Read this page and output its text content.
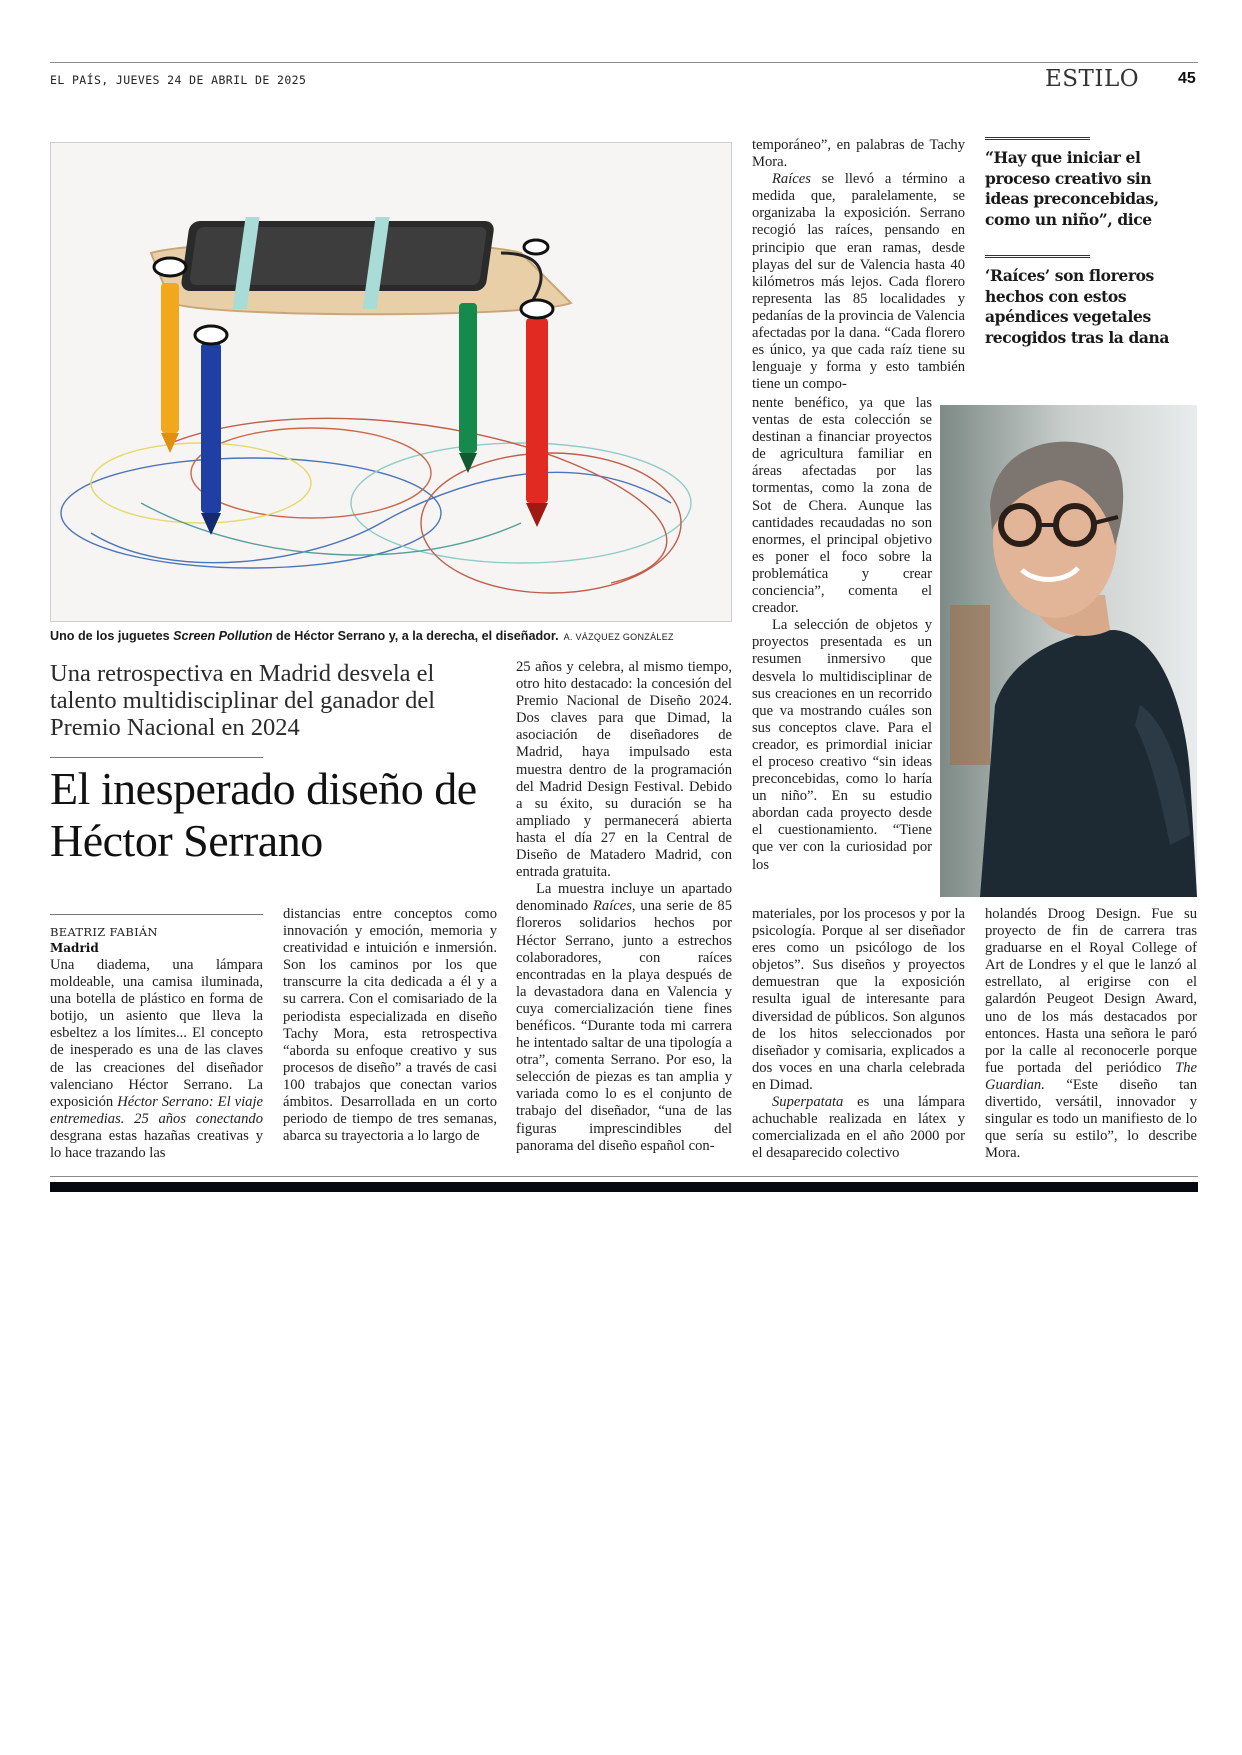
EL PAÍS, JUEVES 24 DE ABRIL DE 2025	ESTILO 45
Uno de los juguetes Screen Pollution de Héctor Serrano y, a la derecha, el diseñador. A. VÁZQUEZ GONZÁLEZ
Una retrospectiva en Madrid desvela el talento multidisciplinar del ganador del Premio Nacional en 2024
El inesperado diseño de Héctor Serrano
BEATRIZ FABIÁN
Madrid

Una diadema, una lámpara moldeable, una camisa iluminada, una botella de plástico en forma de botijo, un asiento que lleva la esbeltez a los límites... El concepto de inesperado es una de las claves de las creaciones del diseñador valenciano Héctor Serrano. La exposición Héctor Serrano: El viaje entremedias. 25 años conectando desgrana estas hazañas creativas y lo hace trazando las

distancias entre conceptos como innovación y emoción, memoria y creatividad e intuición e inmersión. Son los caminos por los que transcurre la cita dedicada a él y a su carrera. Con el comisariado de la periodista especializada en diseño Tachy Mora, esta retrospectiva “aborda su enfoque creativo y sus procesos de diseño” a través de casi 100 trabajos que conectan varios ámbitos. Desarrollada en un corto periodo de tiempo de tres semanas, abarca su trayectoria a lo largo de

25 años y celebra, al mismo tiempo, otro hito destacado: la concesión del Premio Nacional de Diseño 2024. Dos claves para que Dimad, la asociación de diseñadores de Madrid, haya impulsado esta muestra dentro de la programación del Madrid Design Festival. Debido a su éxito, su duración se ha ampliado y permanecerá abierta hasta el día 27 en la Central de Diseño de Matadero Madrid, con entrada gratuita.

La muestra incluye un apartado denominado Raíces, una serie de 85 floreros solidarios hechos por Héctor Serrano, junto a estrechos colaboradores, con raíces encontradas en la playa después de la devastadora dana en Valencia y cuya comercialización tiene fines benéficos. “Durante toda mi carrera he intentado saltar de una tipología a otra”, comenta Serrano. Por eso, la selección de piezas es tan amplia y variada como lo es el conjunto de trabajo del diseñador, “una de las figuras imprescindibles del panorama del diseño español con-

temporáneo”, en palabras de Tachy Mora.

Raíces se llevó a término a medida que, paralelamente, se organizaba la exposición. Serrano recogió las raíces, pensando en principio que eran ramas, desde playas del sur de Valencia hasta 40 kilómetros más lejos. Cada florero representa las 85 localidades y pedanías de la provincia de Valencia afectadas por la dana. “Cada florero es único, ya que cada raíz tiene su lenguaje y forma y esto también tiene un compo-

nente benéfico, ya que las ventas de esta colección se destinan a financiar proyectos de agricultura familiar en áreas afectadas por las tormentas, como la zona de Sot de Chera. Aunque las cantidades recaudadas no son enormes, el principal objetivo es poner el foco sobre la problemática y crear conciencia”, comenta el creador.

La selección de objetos y proyectos presentada es un resumen inmersivo que desvela lo multidisciplinar de sus creaciones en un recorrido que va mostrando cuáles son sus conceptos clave. Para el creador, es primordial iniciar el proceso creativo “sin ideas preconcebidas, como lo haría un niño”. En su estudio abordan cada proyecto desde el cuestionamiento. “Tiene que ver con la curiosidad por los

materiales, por los procesos y por la psicología. Porque al ser diseñador eres como un psicólogo de los objetos”. Sus diseños y proyectos demuestran que la exposición resulta igual de interesante para diversidad de públicos. Son algunos de los hitos seleccionados por diseñador y comisaria, explicados a dos voces en una charla celebrada en Dimad.

Superpatata es una lámpara achuchable realizada en látex y comercializada en el año 2000 por el desaparecido colectivo

holandés Droog Design. Fue su proyecto de fin de carrera tras graduarse en el Royal College of Art de Londres y el que le lanzó al estrellato, al erigirse con el galardón Peugeot Design Award, uno de los más destacados por entonces. Hasta una señora le paró por la calle al reconocerle porque fue portada del periódico The Guardian. “Este diseño tan divertido, versátil, innovador y singular es todo un manifiesto de lo que sería su estilo”, lo describe Mora.

“Hay que iniciar el proceso creativo sin ideas preconcebidas, como un niño”, dice
‘Raíces’ son floreros hechos con estos apéndices vegetales recogidos tras la dana
